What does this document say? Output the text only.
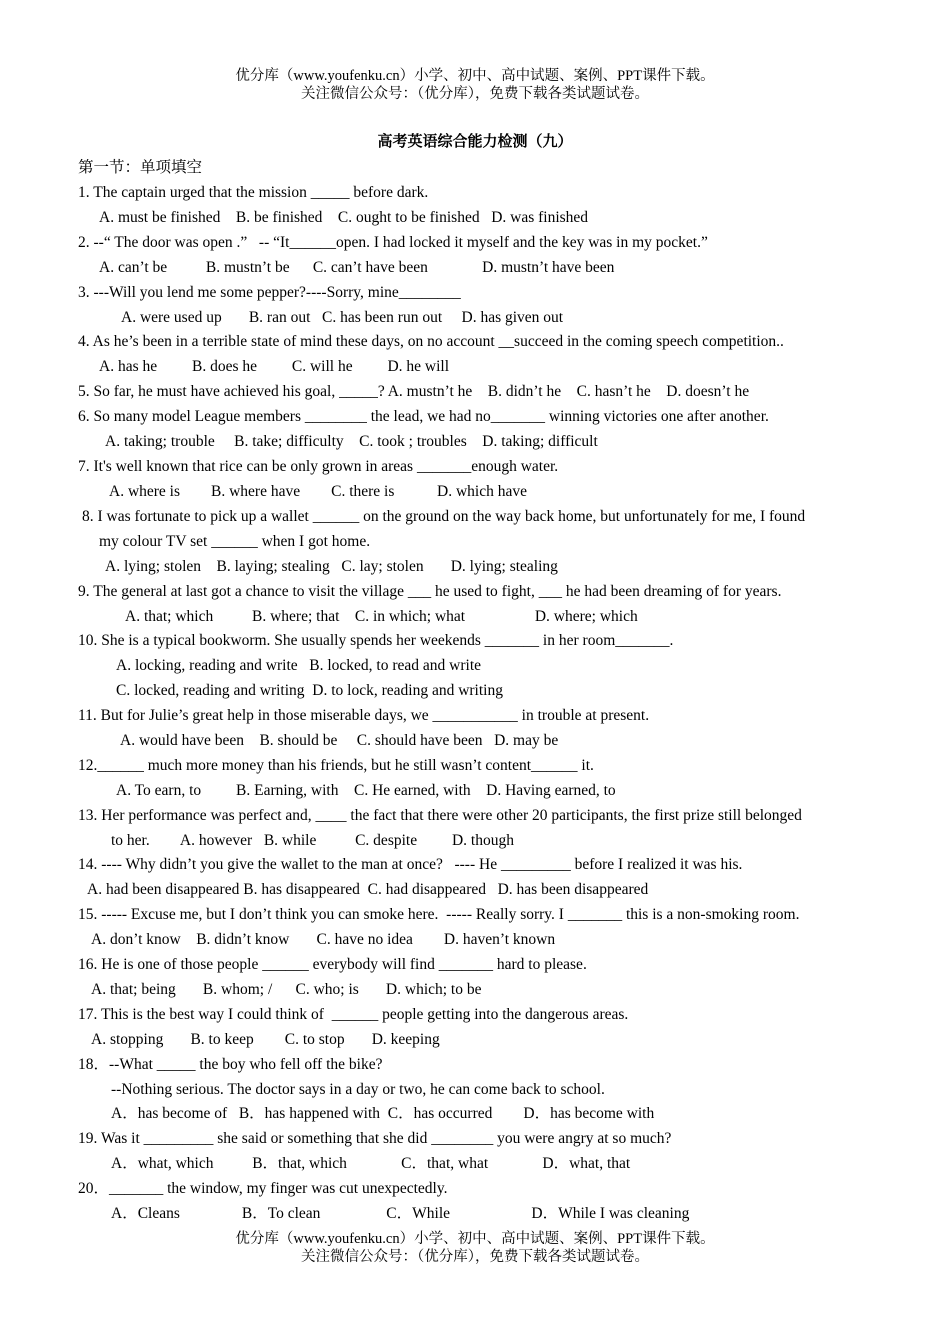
优分库（www.youfenku.cn）小学、初中、高中试题、案例、PPT课件下载。
关注微信公众号：（优分库），免费下载各类试题试卷。
高考英语综合能力检测（九）
第一节：单项填空
1. The captain urged that the mission _____ before dark.
A. must be finished    B. be finished    C. ought to be finished   D. was finished
2. --“ The door was open .”   -- “It______open. I had locked it myself and the key was in my pocket.”
A. can’t be          B. mustn’t be      C. can’t have been              D. mustn’t have been
3. ---Will you lend me some pepper?----Sorry, mine________
A. were used up       B. ran out   C. has been run out     D. has given out
4. As he’s been in a terrible state of mind these days, on no account __succeed in the coming speech competition..
A. has he         B. does he         C. will he         D. he will
5. So far, he must have achieved his goal, _____? A. mustn’t he    B. didn’t he    C. hasn’t he    D. doesn’t he
6. So many model League members ________ the lead, we had no_______ winning victories one after another.
A. taking; trouble     B. take; difficulty    C. took ; troubles    D. taking; difficult
7. It's well known that rice can be only grown in areas _______enough water.
A. where is        B. where have        C. there is           D. which have
8. I was fortunate to pick up a wallet ______ on the ground on the way back home, but unfortunately for me, I found
my colour TV set ______ when I got home.
A. lying; stolen    B. laying; stealing   C. lay; stolen       D. lying; stealing
9. The general at last got a chance to visit the village ___ he used to fight, ___ he had been dreaming of for years.
A. that; which          B. where; that    C. in which; what                  D. where; which
10. She is a typical bookworm. She usually spends her weekends _______ in her room_______.
A. locking, reading and write   B. locked, to read and write
C. locked, reading and writing  D. to lock, reading and writing
11. But for Julie’s great help in those miserable days, we ___________ in trouble at present.
A. would have been    B. should be     C. should have been   D. may be
12.______ much more money than his friends, but he still wasn’t content______ it.
A. To earn, to         B. Earning, with    C. He earned, with    D. Having earned, to
13. Her performance was perfect and, ____ the fact that there were other 20 participants, the first prize still belonged
to her.        A. however   B. while          C. despite         D. though
14. ---- Why didn’t you give the wallet to the man at once?   ---- He _________ before I realized it was his.
A. had been disappeared B. has disappeared  C. had disappeared   D. has been disappeared
15. ----- Excuse me, but I don’t think you can smoke here.  ----- Really sorry. I _______ this is a non-smoking room.
A. don’t know    B. didn’t know       C. have no idea        D. haven’t known
16. He is one of those people ______ everybody will find _______ hard to please.
A. that; being       B. whom; /      C. who; is       D. which; to be
17. This is the best way I could think of  ______ people getting into the dangerous areas.
A. stopping       B. to keep        C. to stop       D. keeping
18．--What _____ the boy who fell off the bike?
--Nothing serious. The doctor says in a day or two, he can come back to school.
A．has become of   B．has happened with  C．has occurred        D．has become with
19. Was it _________ she said or something that she did ________ you were angry at so much?
A．what, which          B．that, which              C．that, what              D．what, that
20．_______ the window, my finger was cut unexpectedly.
A．Cleans                B．To clean                 C．While                     D．While I was cleaning
优分库（www.youfenku.cn）小学、初中、高中试题、案例、PPT课件下载。
关注微信公众号：（优分库），免费下载各类试题试卷。
